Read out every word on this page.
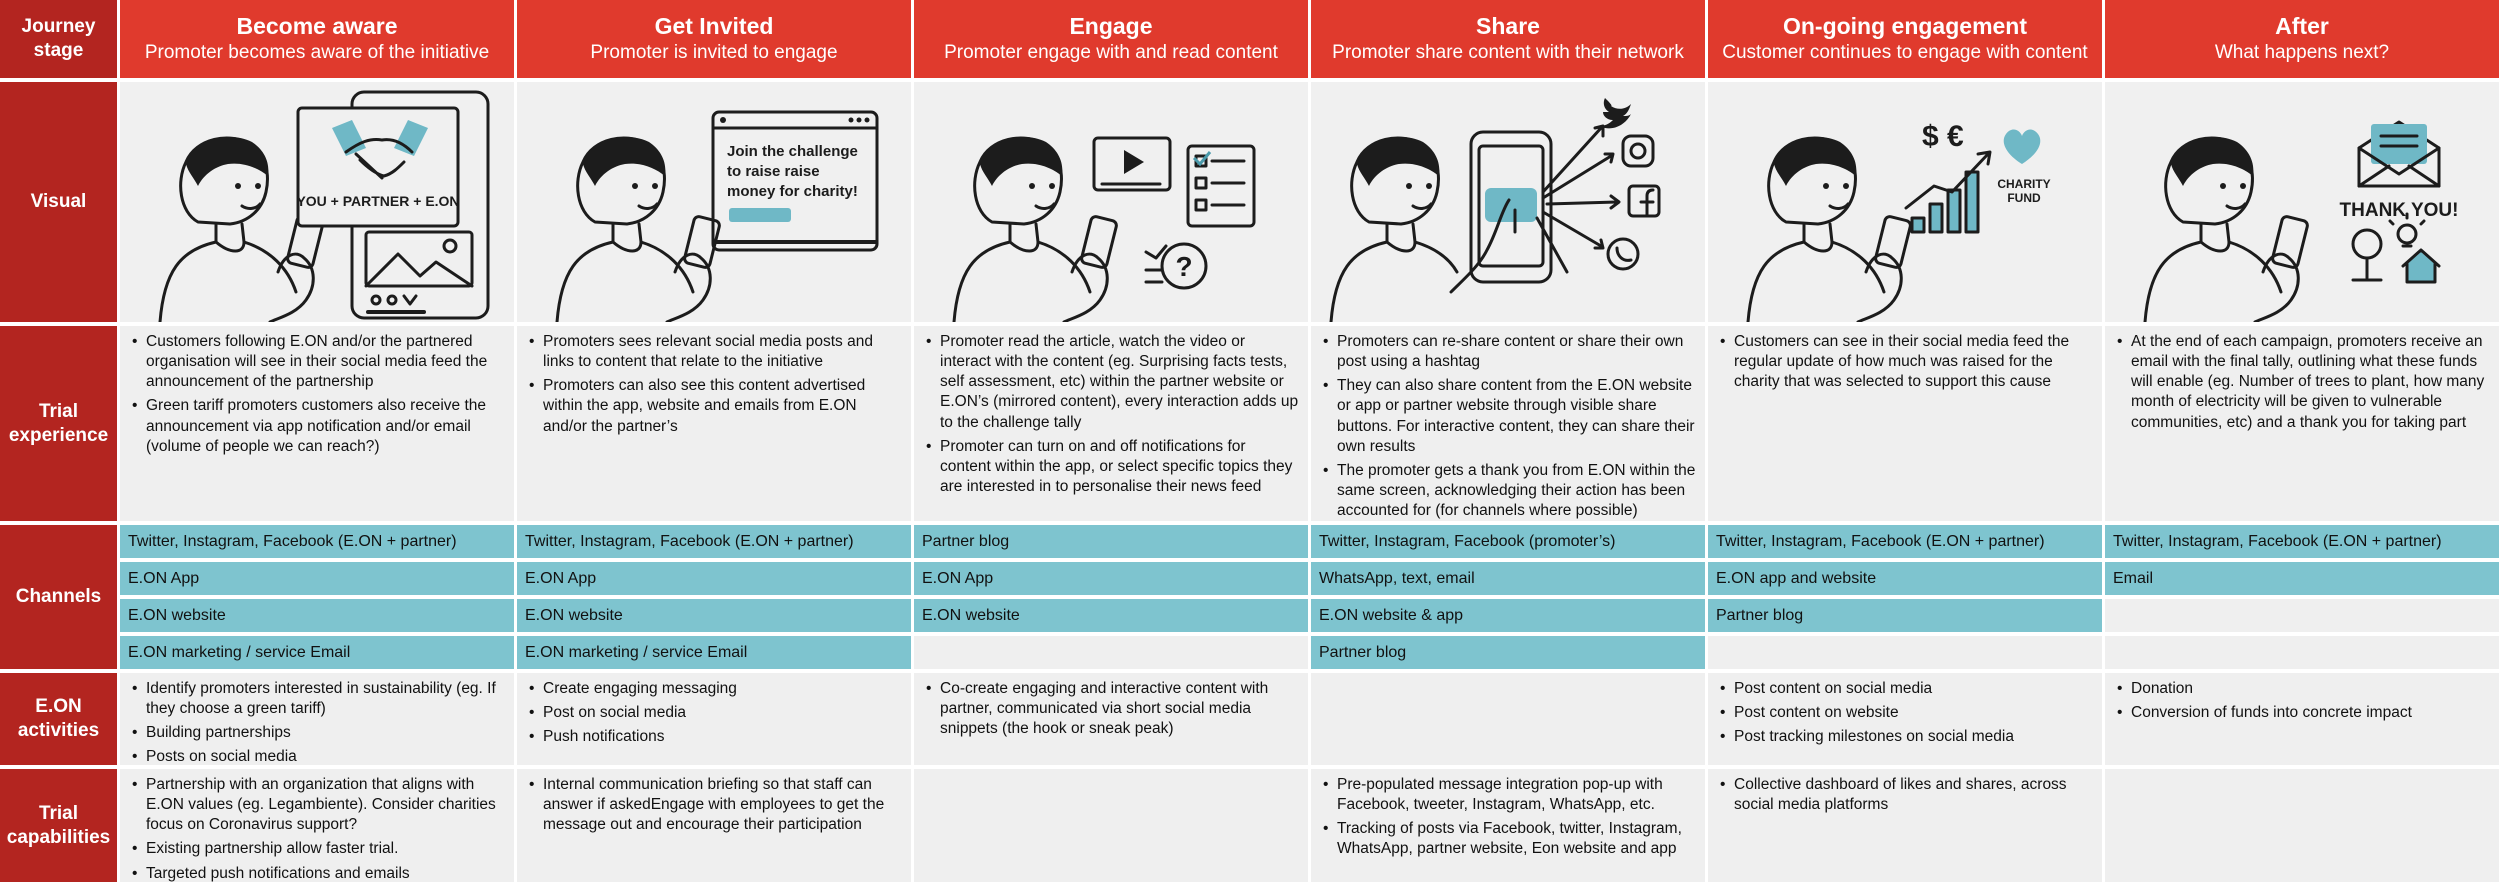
Journey stage
Become aware
Promoter becomes aware of the initiative
Get Invited
Promoter is invited to engage
Engage
Promoter engage with and read content
Share
Promoter share content with their network
On-going engagement
Customer continues to engage with content
After
What happens next?
Visual	YOU + PARTNER + E.ON
Join the challenge
to raise raise
money for charity!
?
$ €
CHARITY
FUND
THANK YOU!
Trial experience
• Customers following E.ON and/or the partnered organisation will see in their social media feed the announcement of the partnership
• Green tariff promoters customers also receive the announcement via app notification and/or email (volume of people we can reach?)
• Promoters sees relevant social media posts and links to content that relate to the initiative
• Promoters can also see this content advertised within the app, website and emails from E.ON and/or the partner’s
• Promoter read the article, watch the video or interact with the content (eg. Surprising facts tests, self assessment, etc) within the partner website or E.ON’s (mirrored content), every interaction adds up to the challenge tally
• Promoter can turn on and off notifications for content within the app, or select specific topics they are interested in to personalise their news feed
• Promoters can re-share content or share their own post using a hashtag
• They can also share content from the E.ON website or app or partner website through visible share buttons. For interactive content, they can share their own results
• The promoter gets a thank you from E.ON within the same screen, acknowledging their action has been accounted for (for channels where possible)
• Customers can see in their social media feed the regular update of how much was raised for the charity that was selected to support this cause
• At the end of each campaign, promoters receive an email with the final tally, outlining what these funds will enable (eg. Number of trees to plant, how many month of electricity will be given to vulnerable communities, etc) and a thank you for taking part
Channels
Twitter, Instagram, Facebook (E.ON + partner)
E.ON App
E.ON website
E.ON marketing / service Email
Twitter, Instagram, Facebook (E.ON + partner)
E.ON App
E.ON website
E.ON marketing / service Email
Partner blog
E.ON App
E.ON website
Twitter, Instagram, Facebook (promoter’s)
WhatsApp, text, email
E.ON website & app
Partner blog
Twitter, Instagram, Facebook (E.ON + partner)
E.ON app and website
Partner blog
Twitter, Instagram, Facebook (E.ON + partner)
Email
E.ON activities
• Identify promoters interested in sustainability (eg. If they choose a green tariff)
• Building partnerships
• Posts on social media
• Create engaging messaging
• Post on social media
• Push notifications
• Co-create engaging and interactive content with partner, communicated via short social media snippets (the hook or sneak peak)
• Post content on social media
• Post content on website
• Post tracking milestones on social media
• Donation
• Conversion of funds into concrete impact
Trial capabilities
• Partnership with an organization that aligns with E.ON values (eg. Legambiente). Consider charities focus on Coronavirus support?
• Existing partnership allow faster trial.
• Targeted push notifications and emails
• Internal communication briefing so that staff can answer if askedEngage with employees to get the message out and encourage their participation
• Pre-populated message integration pop-up with Facebook, tweeter, Instagram, WhatsApp, etc.
• Tracking of posts via Facebook, twitter, Instagram, WhatsApp, partner website, Eon website and app
• Collective dashboard of likes and shares, across social media platforms
